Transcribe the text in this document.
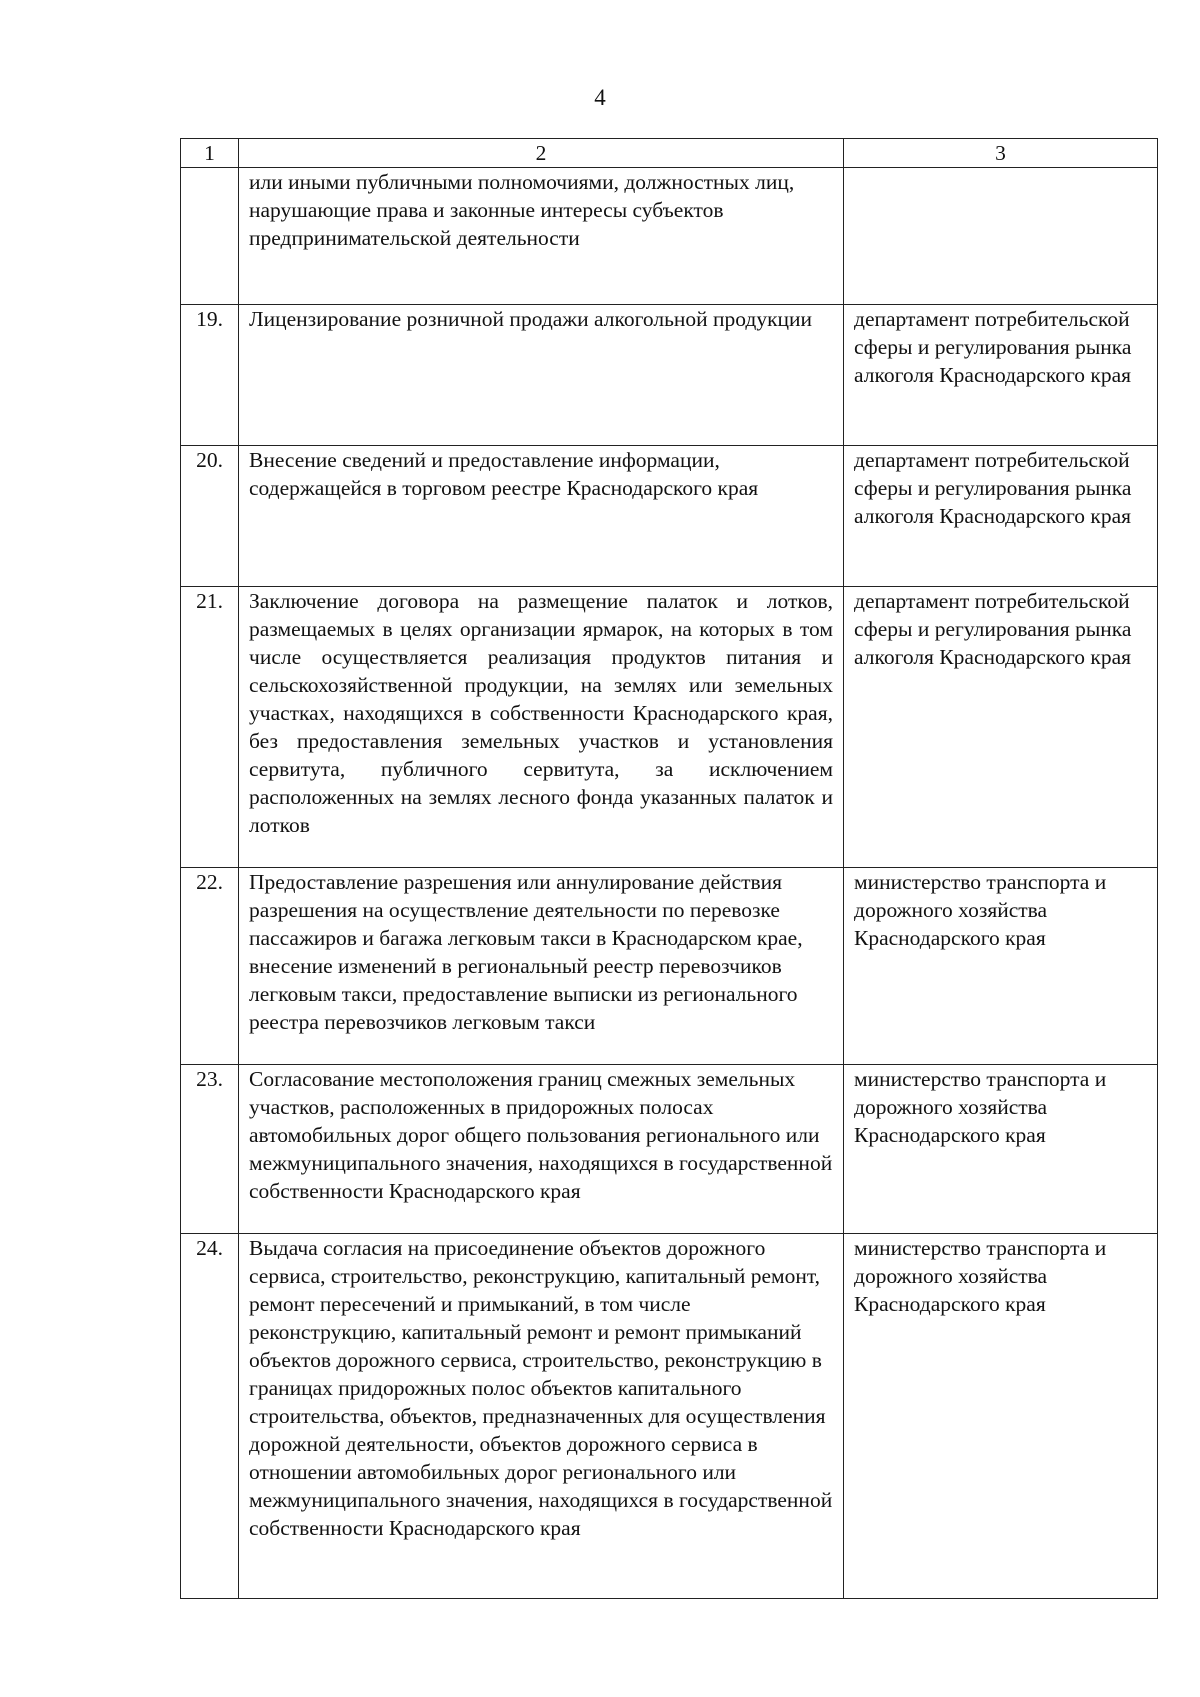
4
1	2	3
	или иными публичными полномочиями, должностных лиц, нарушающие права и законные интересы субъектов предпринимательской деятельности	
19.	Лицензирование розничной продажи алкогольной продукции	департамент потребительской сферы и регулирования рынка алкоголя Краснодарского края
20.	Внесение сведений и предоставление информации, содержащейся в торговом реестре Краснодарского края	департамент потребительской сферы и регулирования рынка алкоголя Краснодарского края
21.	Заключение договора на размещение палаток и лотков, размещаемых в целях организации ярмарок, на которых в том числе осуществляется реализация продуктов питания и сельскохозяйственной продукции, на землях или земельных участках, находящихся в собственности Краснодарского края, без предоставления земельных участков и установления сервитута, публичного сервитута, за исключением расположенных на землях лесного фонда указанных палаток и лотков	департамент потребительской сферы и регулирования рынка алкоголя Краснодарского края
22.	Предоставление разрешения или аннулирование действия разрешения на осуществление деятельности по перевозке пассажиров и багажа легковым такси в Краснодарском крае, внесение изменений в региональный реестр перевозчиков легковым такси, предоставление выписки из регионального реестра перевозчиков легковым такси	министерство транспорта и дорожного хозяйства Краснодарского края
23.	Согласование местоположения границ смежных земельных участков, расположенных в придорожных полосах автомобильных дорог общего пользования регионального или межмуниципального значения, находящихся в государственной собственности Краснодарского края	министерство транспорта и дорожного хозяйства Краснодарского края
24.	Выдача согласия на присоединение объектов дорожного сервиса, строительство, реконструкцию, капитальный ремонт, ремонт пересечений и примыканий, в том числе реконструкцию, капитальный ремонт и ремонт примыканий объектов дорожного сервиса, строительство, реконструкцию в границах придорожных полос объектов капитального строительства, объектов, предназначенных для осуществления дорожной деятельности, объектов дорожного сервиса в отношении автомобильных дорог регионального или межмуниципального значения, находящихся в государственной собственности Краснодарского края	министерство транспорта и дорожного хозяйства Краснодарского края
